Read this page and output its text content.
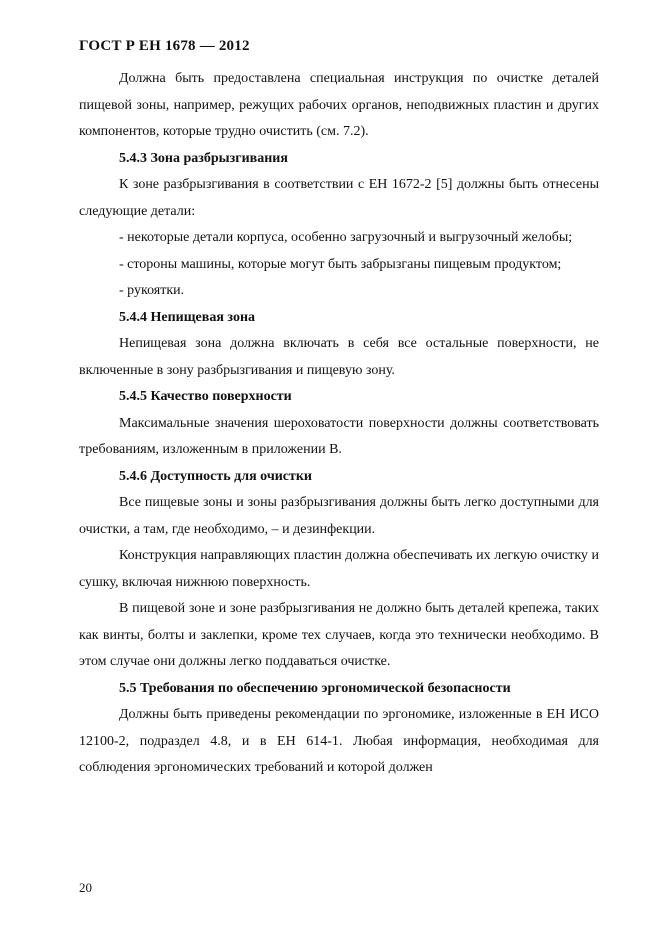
ГОСТ Р ЕН 1678 — 2012

Должна быть предоставлена специальная инструкция по очистке деталей пищевой зоны, например, режущих рабочих органов, неподвижных пластин и других компонентов, которые трудно очистить (см. 7.2).

5.4.3 Зона разбрызгивания

К зоне разбрызгивания в соответствии с ЕН 1672-2 [5] должны быть отнесены следующие детали:

- некоторые детали корпуса, особенно загрузочный и выгрузочный желобы;

- стороны машины, которые могут быть забрызганы пищевым продуктом;

- рукоятки.

5.4.4 Непищевая зона

Непищевая зона должна включать в себя все остальные поверхности, не включенные в зону разбрызгивания и пищевую зону.

5.4.5 Качество поверхности

Максимальные значения шероховатости поверхности должны соответствовать требованиям, изложенным в приложении В.

5.4.6 Доступность для очистки

Все пищевые зоны и зоны разбрызгивания должны быть легко доступными для очистки, а там, где необходимо, – и дезинфекции.

Конструкция направляющих пластин должна обеспечивать их легкую очистку и сушку, включая нижнюю поверхность.

В пищевой зоне и зоне разбрызгивания не должно быть деталей крепежа, таких как винты, болты и заклепки, кроме тех случаев, когда это технически необходимо. В этом случае они должны легко поддаваться очистке.

5.5 Требования по обеспечению эргономической безопасности

Должны быть приведены рекомендации по эргономике, изложенные в ЕН ИСО 12100-2, подраздел 4.8, и в ЕН 614-1. Любая информация, необходимая для соблюдения эргономических требований и которой должен

20
